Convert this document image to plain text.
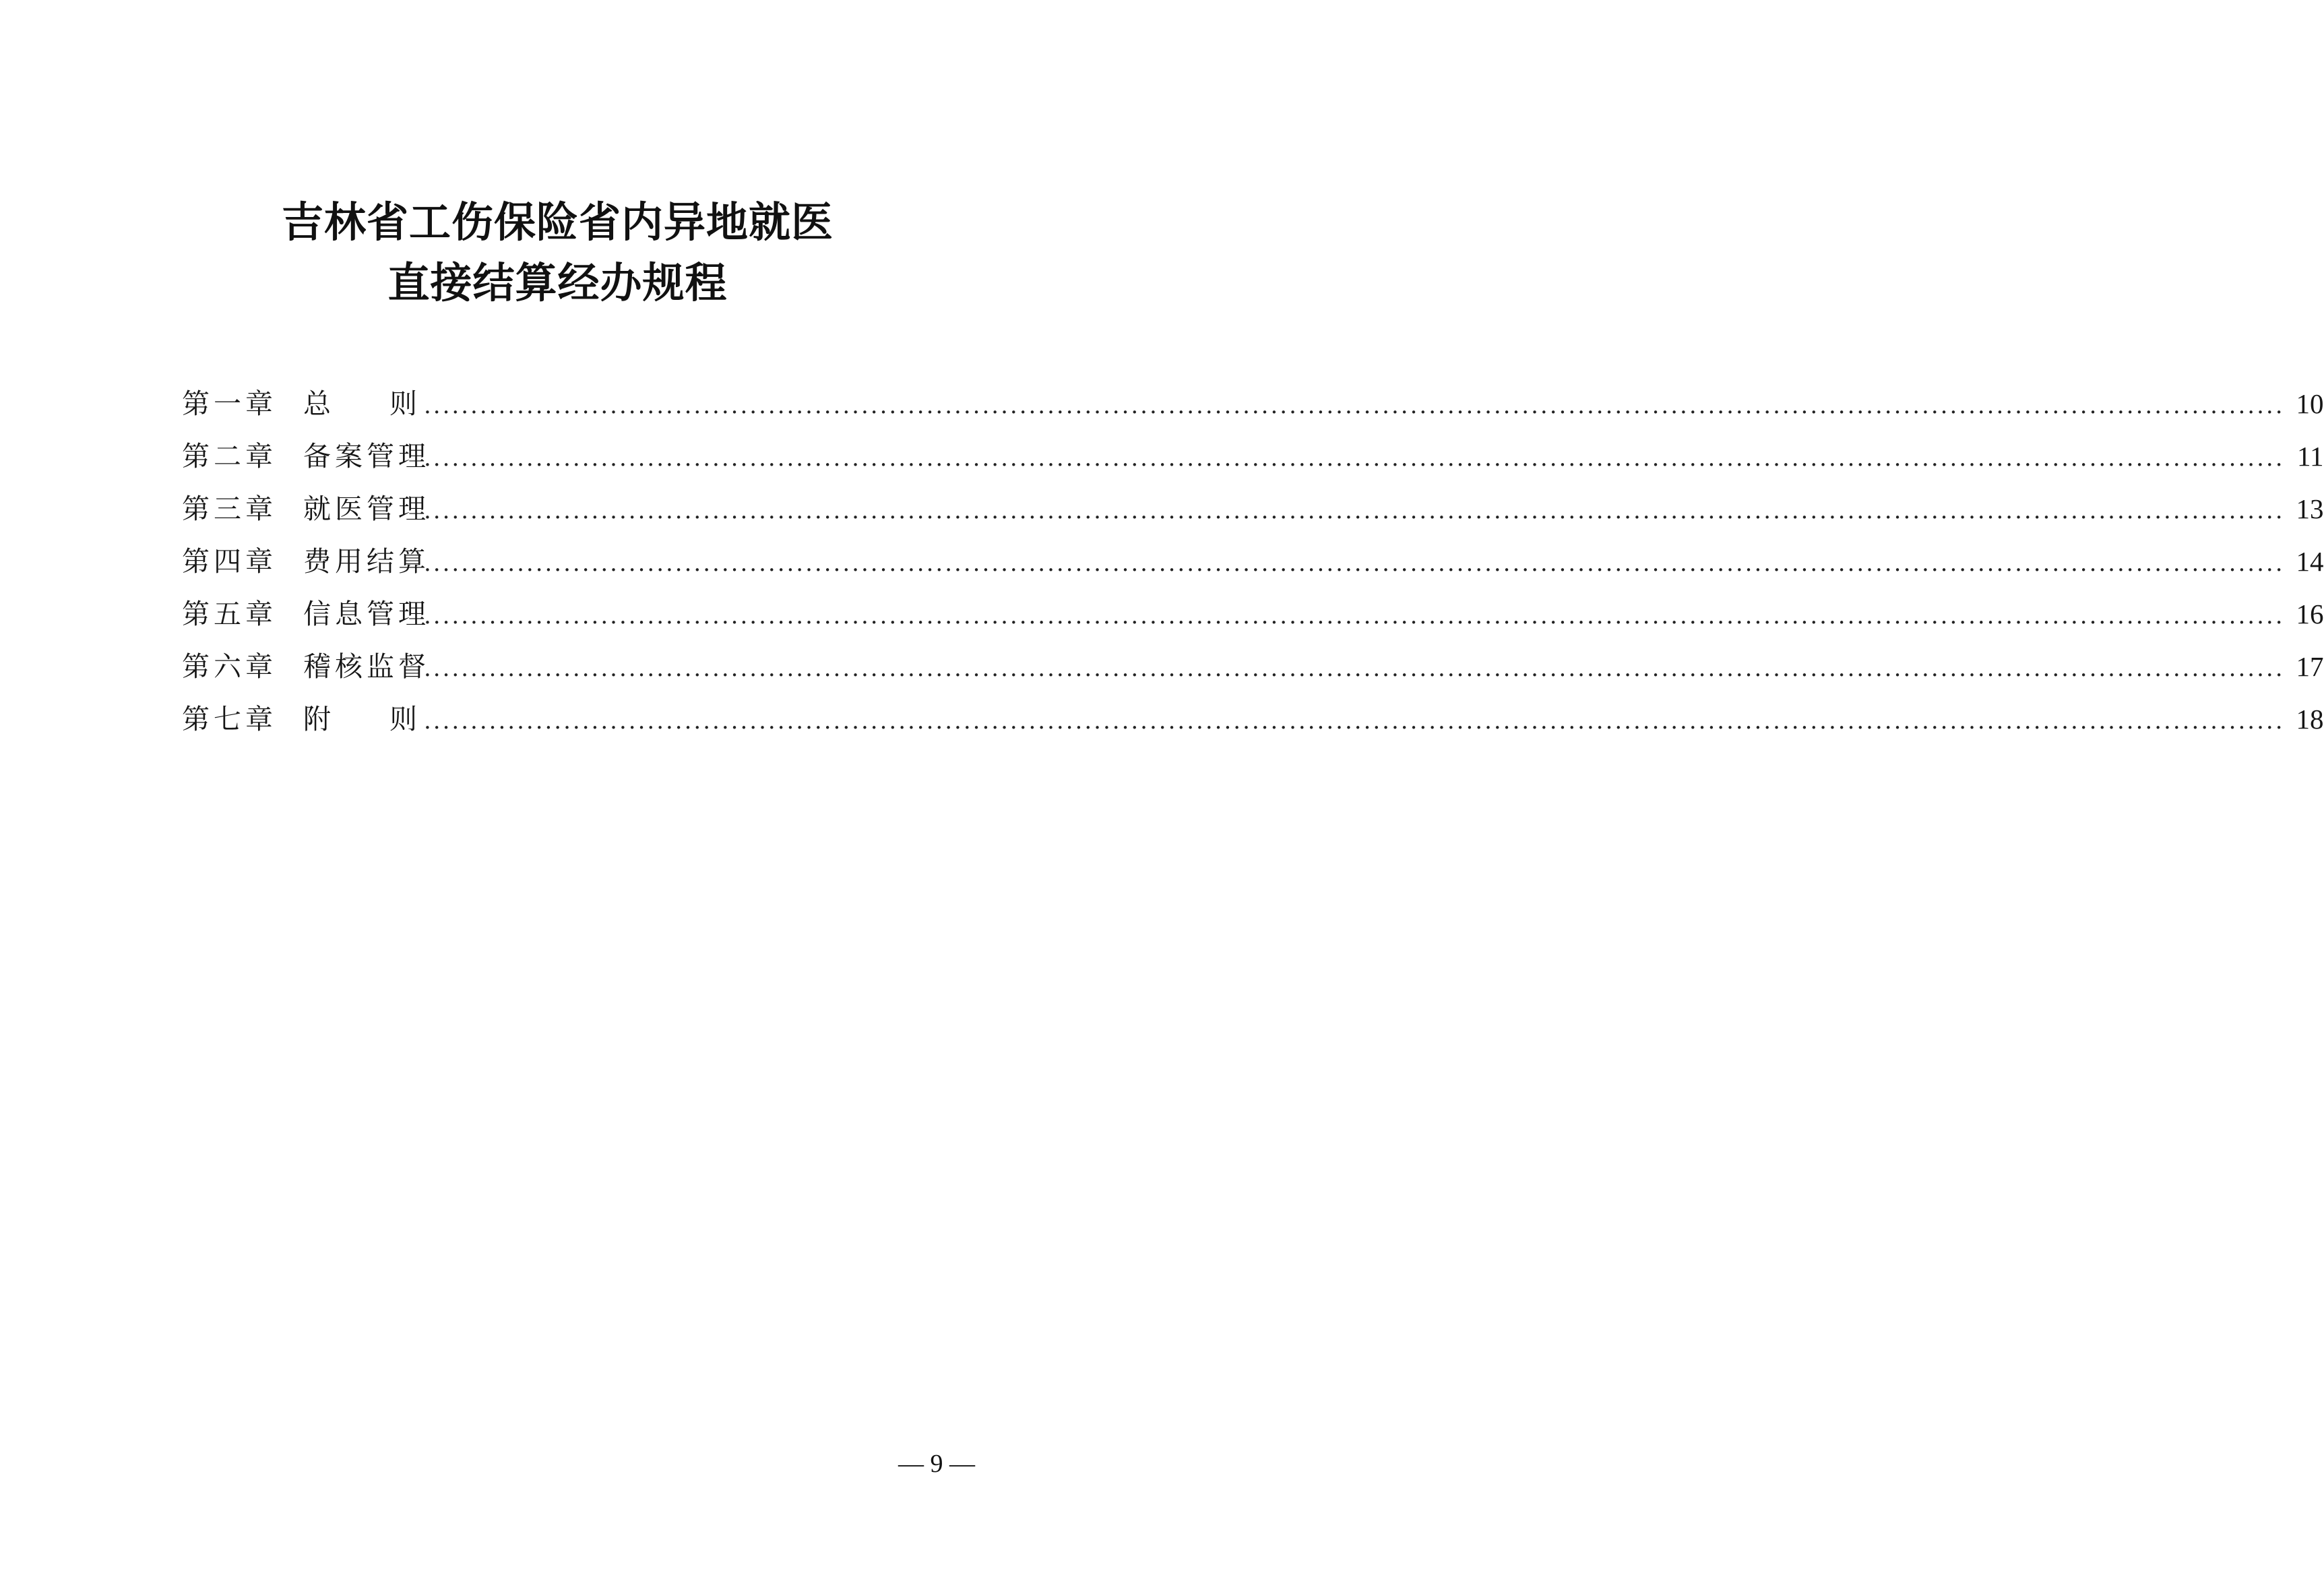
吉林省工伤保险省内异地就医
直接结算经办规程
第一章 总 则 ........................................................................................................................................................................................................ 10
第二章 备案管理
........................................................................................................................................................................................................ 11
第三章 就医管理
........................................................................................................................................................................................................ 13
第四章 费用结算
........................................................................................................................................................................................................ 14
第五章 信息管理
........................................................................................................................................................................................................ 16
第六章 稽核监督
........................................................................................................................................................................................................ 17
第七章 附 则 ........................................................................................................................................................................................................ 18
— 9 —
